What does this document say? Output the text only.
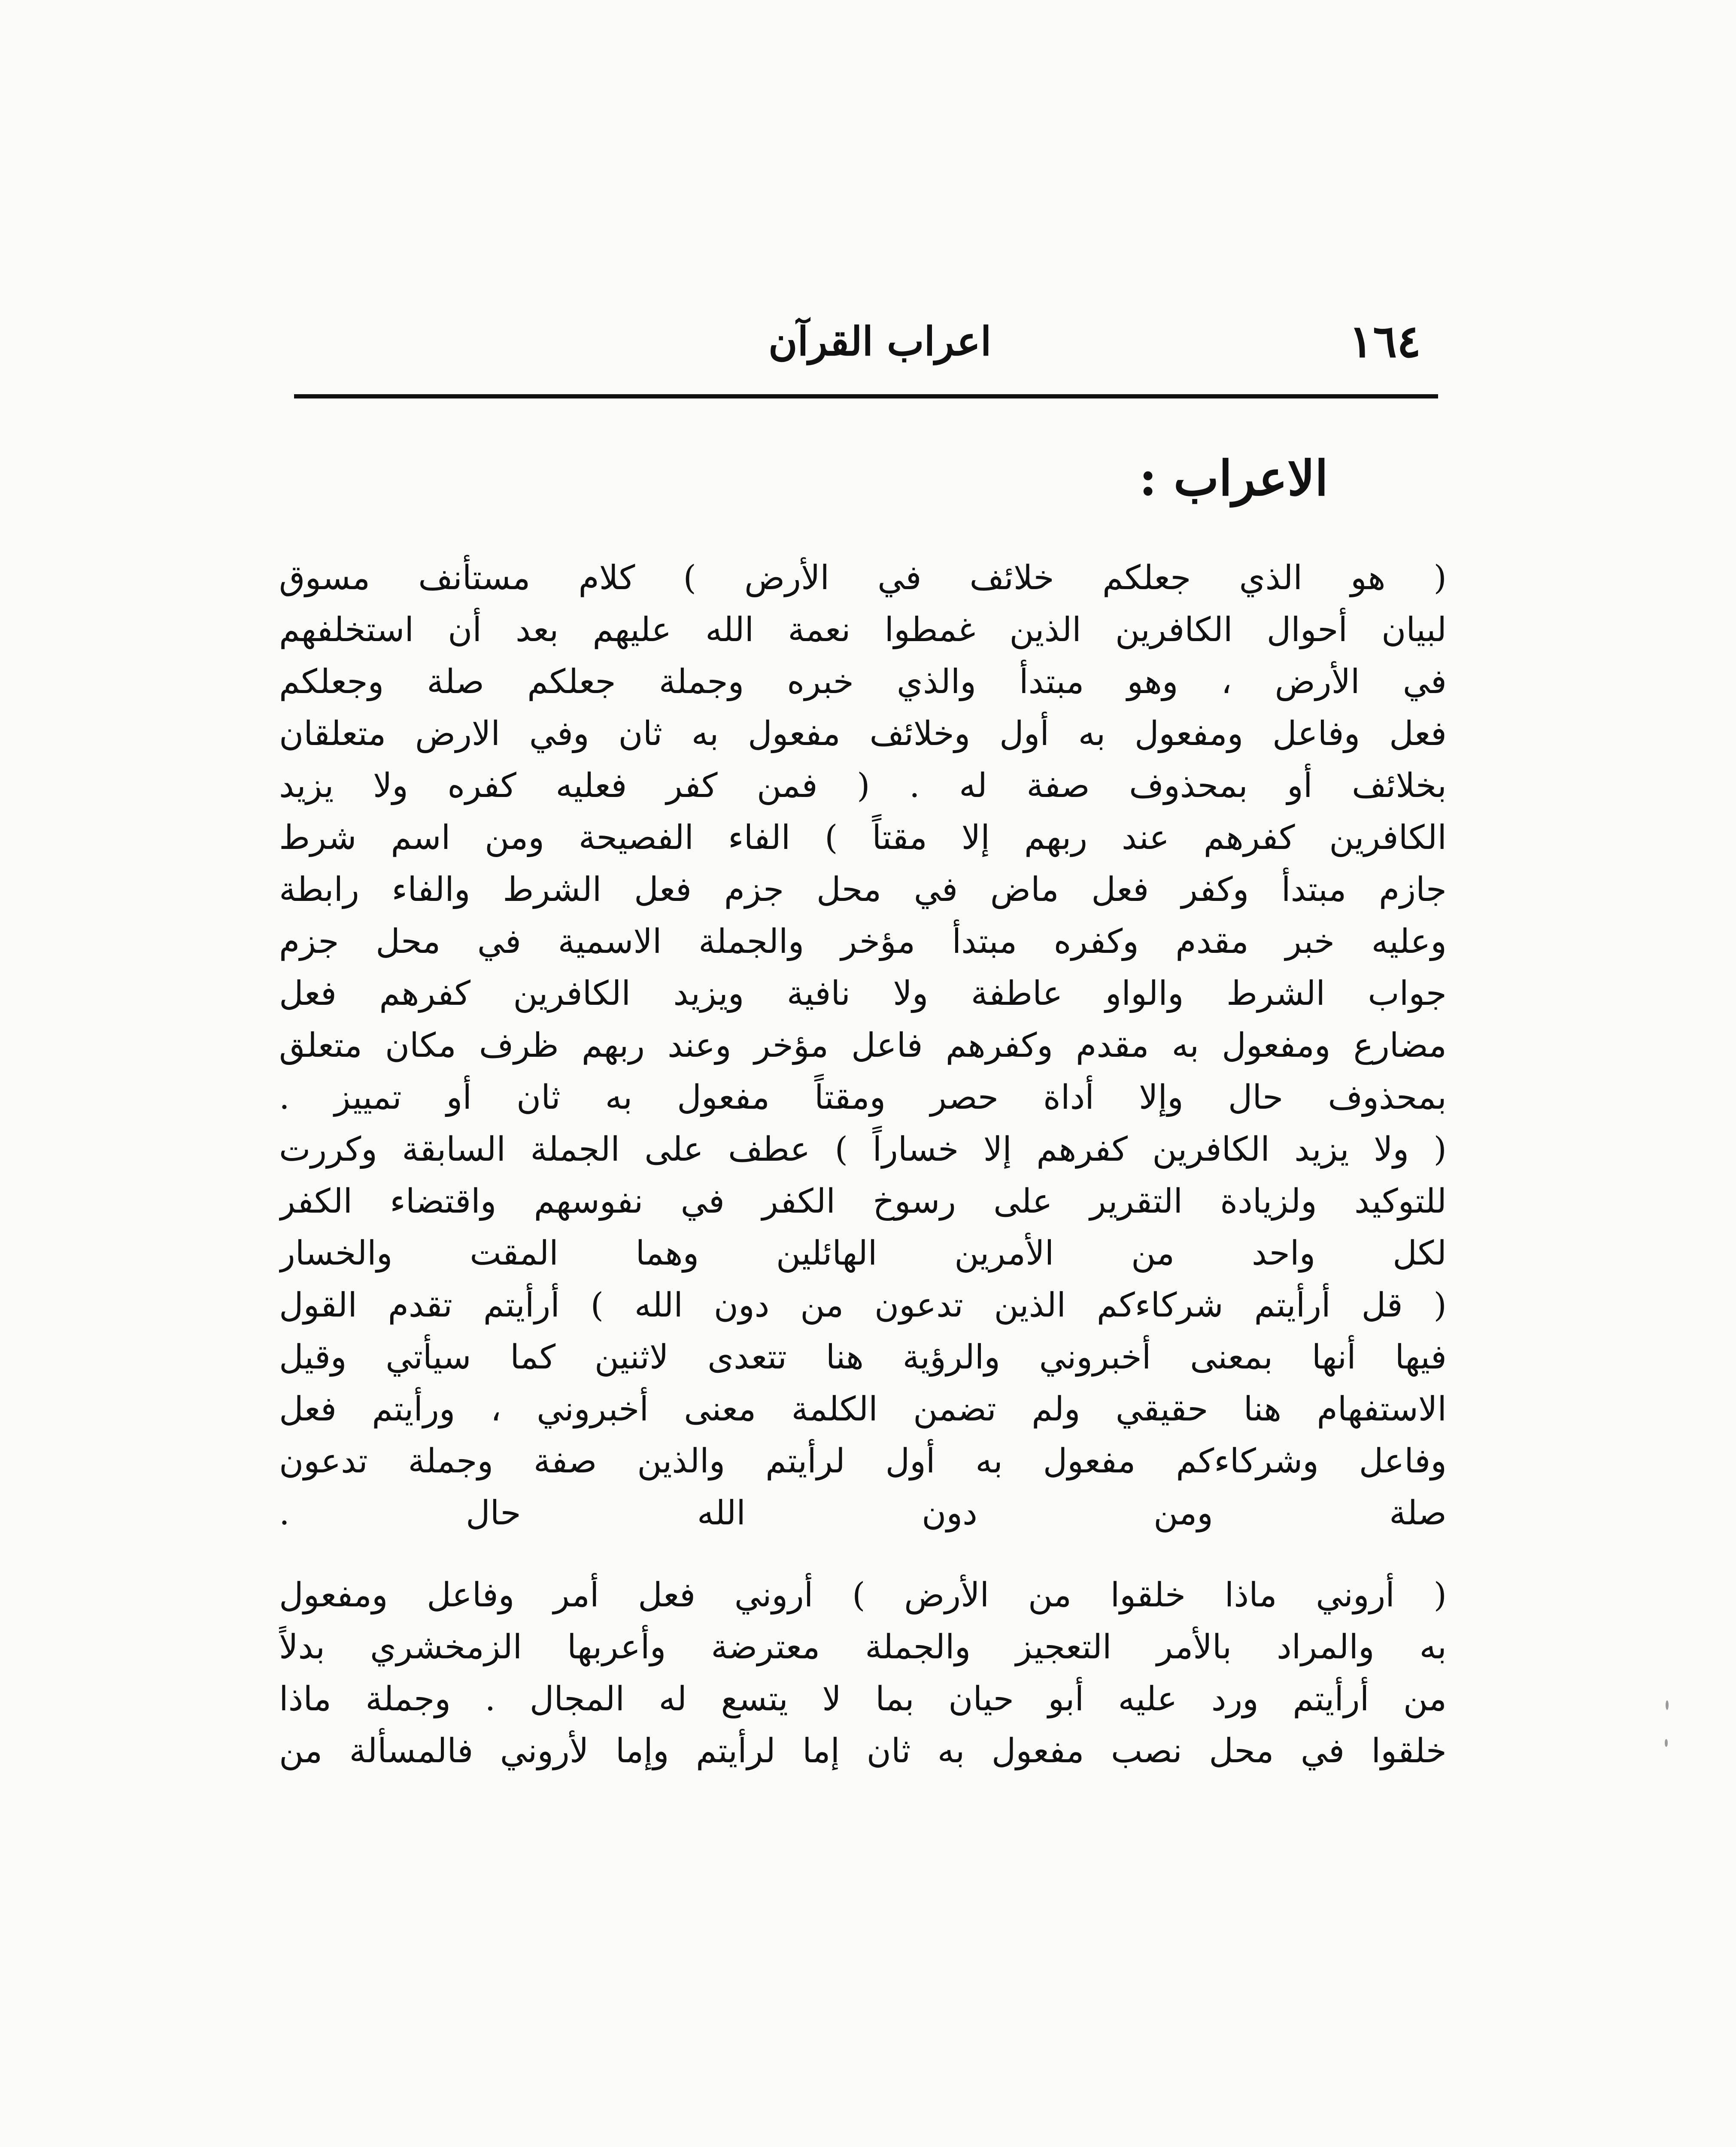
١٦٤
اعراب القرآن
الاعراب :

( هو الذي جعلكم خلائف في الأرض ) كلام مستأنف مسوق
لبيان أحوال الكافرين الذين غمطوا نعمة الله عليهم بعد أن استخلفهم
في الأرض ، وهو مبتدأ والذي خبره وجملة جعلكم صلة وجعلكم
فعل وفاعل ومفعول به أول وخلائف مفعول به ثان وفي الارض متعلقان
بخلائف أو بمحذوف صفة له . ( فمن كفر فعليه كفره ولا يزيد
الكافرين كفرهم عند ربهم إلا مقتاً ) الفاء الفصيحة ومن اسم شرط
جازم مبتدأ وكفر فعل ماض في محل جزم فعل الشرط والفاء رابطة
وعليه خبر مقدم وكفره مبتدأ مؤخر والجملة الاسمية في محل جزم
جواب الشرط والواو عاطفة ولا نافية ويزيد الكافرين كفرهم فعل
مضارع ومفعول به مقدم وكفرهم فاعل مؤخر وعند ربهم ظرف مكان متعلق
بمحذوف حال وإلا أداة حصر ومقتاً مفعول به ثان أو تمييز .
( ولا يزيد الكافرين كفرهم إلا خساراً ) عطف على الجملة السابقة وكررت
للتوكيد ولزيادة التقرير على رسوخ الكفر في نفوسهم واقتضاء الكفر
لكل واحد من الأمرين الهائلين وهما المقت والخسار
( قل أرأيتم شركاءكم الذين تدعون من دون الله ) أرأيتم تقدم القول
فيها أنها بمعنى أخبروني والرؤية هنا تتعدى لاثنين كما سيأتي وقيل
الاستفهام هنا حقيقي ولم تضمن الكلمة معنى أخبروني ، ورأيتم فعل
وفاعل وشركاءكم مفعول به أول لرأيتم والذين صفة وجملة تدعون
صلة ومن دون الله حال .

( أروني ماذا خلقوا من الأرض ) أروني فعل أمر وفاعل ومفعول
به والمراد بالأمر التعجيز والجملة معترضة وأعربها الزمخشري بدلاً
من أرأيتم ورد عليه أبو حيان بما لا يتسع له المجال . وجملة ماذا
خلقوا في محل نصب مفعول به ثان إما لرأيتم وإما لأروني فالمسألة من
